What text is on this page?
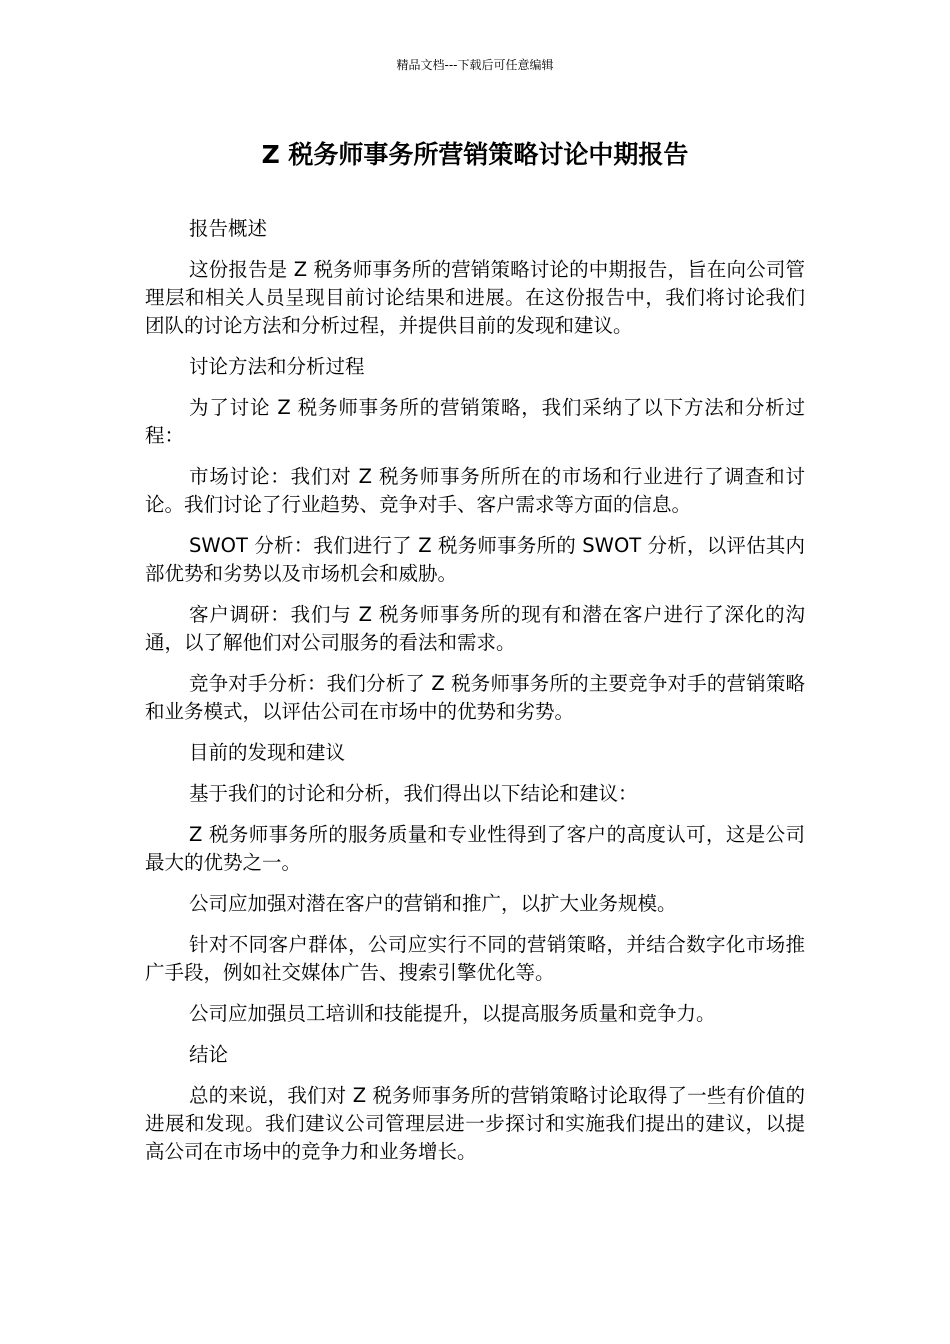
精品文档---下载后可任意编辑
Z 税务师事务所营销策略讨论中期报告

报告概述

这份报告是 Z 税务师事务所的营销策略讨论的中期报告，旨在向公司管理层和相关人员呈现目前讨论结果和进展。在这份报告中，我们将讨论我们团队的讨论方法和分析过程，并提供目前的发现和建议。

讨论方法和分析过程

为了讨论 Z 税务师事务所的营销策略，我们采纳了以下方法和分析过程：

市场讨论：我们对 Z 税务师事务所所在的市场和行业进行了调查和讨论。我们讨论了行业趋势、竞争对手、客户需求等方面的信息。

SWOT 分析：我们进行了 Z 税务师事务所的 SWOT 分析，以评估其内部优势和劣势以及市场机会和威胁。

客户调研：我们与 Z 税务师事务所的现有和潜在客户进行了深化的沟通，以了解他们对公司服务的看法和需求。

竞争对手分析：我们分析了 Z 税务师事务所的主要竞争对手的营销策略和业务模式，以评估公司在市场中的优势和劣势。

目前的发现和建议

基于我们的讨论和分析，我们得出以下结论和建议：

Z 税务师事务所的服务质量和专业性得到了客户的高度认可，这是公司最大的优势之一。

公司应加强对潜在客户的营销和推广，以扩大业务规模。

针对不同客户群体，公司应实行不同的营销策略，并结合数字化市场推广手段，例如社交媒体广告、搜索引擎优化等。

公司应加强员工培训和技能提升，以提高服务质量和竞争力。

结论

总的来说，我们对 Z 税务师事务所的营销策略讨论取得了一些有价值的进展和发现。我们建议公司管理层进一步探讨和实施我们提出的建议，以提高公司在市场中的竞争力和业务增长。
